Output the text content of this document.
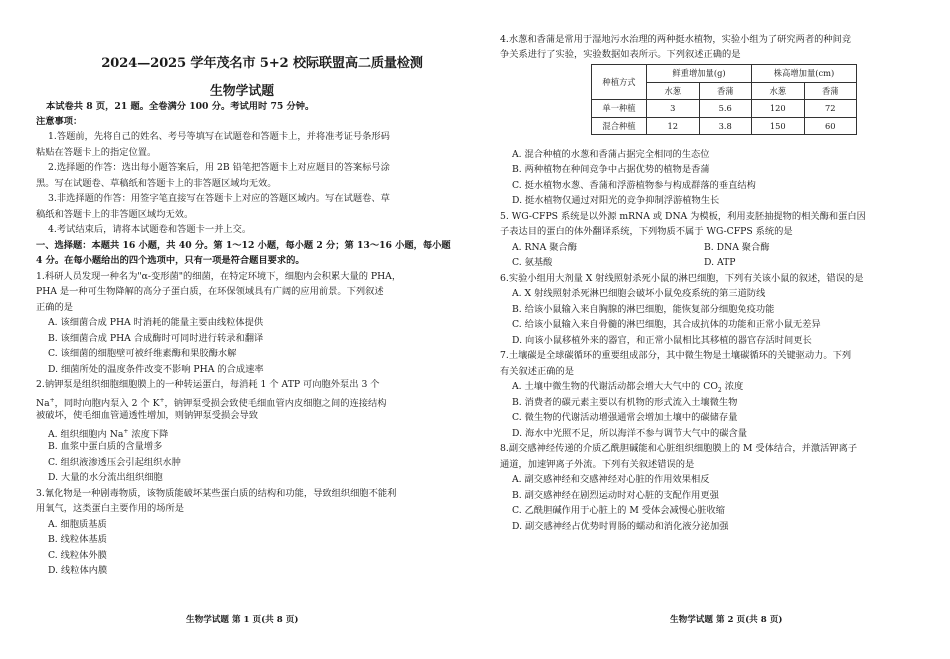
2024—2025 学年茂名市 5+2 校际联盟高二质量检测
生物学试题
本试卷共 8 页，21 题。全卷满分 100 分。考试用时 75 分钟。
注意事项：
1.答题前，先将自己的姓名、考号等填写在试题卷和答题卡上，并将准考证号条形码
粘贴在答题卡上的指定位置。
2.选择题的作答：选出每小题答案后，用 2B 铅笔把答题卡上对应题目的答案标号涂
黑。写在试题卷、草稿纸和答题卡上的非答题区域均无效。
3.非选择题的作答：用签字笔直接写在答题卡上对应的答题区域内。写在试题卷、草
稿纸和答题卡上的非答题区域均无效。
4.考试结束后，请将本试题卷和答题卡一并上交。
一、选择题：本题共 16 小题，共 40 分。第 1～12 小题，每小题 2 分；第 13～16 小题，每小题
4 分。在每小题给出的四个选项中，只有一项是符合题目要求的。
1.科研人员发现一种名为"α-变形菌"的细菌，在特定环境下，细胞内会积累大量的 PHA，
PHA 是一种可生物降解的高分子蛋白质，在环保领域具有广阔的应用前景。下列叙述
正确的是
A. 该细菌合成 PHA 时消耗的能量主要由线粒体提供
B. 该细菌合成 PHA 合成酶时可同时进行转录和翻译
C. 该细菌的细胞壁可被纤维素酶和果胶酶水解
D. 细菌所处的温度条件改变不影响 PHA 的合成速率
2.钠钾泵是组织细胞细胞膜上的一种转运蛋白，每消耗 1 个 ATP 可向胞外泵出 3 个
Na+，同时向胞内泵入 2 个 K+，钠钾泵受损会致使毛细血管内皮细胞之间的连接结构
被破坏，使毛细血管通透性增加，则钠钾泵受损会导致
A. 组织细胞内 Na+ 浓度下降
B. 血浆中蛋白质的含量增多
C. 组织液渗透压会引起组织水肿
D. 大量的水分流出组织细胞
3.氰化物是一种剧毒物质，该物质能破坏某些蛋白质的结构和功能，导致组织细胞不能利
用氧气，这类蛋白主要作用的场所是
A. 细胞质基质
B. 线粒体基质
C. 线粒体外膜
D. 线粒体内膜
生物学试题 第 1 页(共 8 页)
4.水葱和香蒲是常用于湿地污水治理的两种挺水植物，实验小组为了研究两者的种间竞
争关系进行了实验，实验数据如表所示。下列叙述正确的是
种植方式	鲜重增加量(g)		株高增加量(cm)	
	水葱	香蒲	水葱	香蒲
单一种植	3	5.6	120	72
混合种植	12	3.8	150	60
A. 混合种植的水葱和香蒲占据完全相同的生态位
B. 两种植物在种间竞争中占据优势的植物是香蒲
C. 挺水植物水葱、香蒲和浮游植物参与构成群落的垂直结构
D. 挺水植物仅通过对阳光的竞争抑制浮游植物生长
5. WG-CFPS 系统是以外源 mRNA 或 DNA 为模板，利用麦胚抽提物的相关酶和蛋白因
子表达目的蛋白的体外翻译系统，下列物质不属于 WG-CFPS 系统的是
A. RNA 聚合酶	B. DNA 聚合酶
C. 氨基酸	D. ATP
6.实验小组用大剂量 X 射线照射杀死小鼠的淋巴细胞，下列有关该小鼠的叙述，错误的是
A. X 射线照射杀死淋巴细胞会破坏小鼠免疫系统的第三道防线
B. 给该小鼠输入来自胸腺的淋巴细胞，能恢复部分细胞免疫功能
C. 给该小鼠输入来自骨髓的淋巴细胞，其合成抗体的功能和正常小鼠无差异
D. 向该小鼠移植外来的器官，和正常小鼠相比其移植的器官存活时间更长
7.土壤碳是全球碳循环的重要组成部分，其中微生物是土壤碳循环的关键驱动力。下列
有关叙述正确的是
A. 土壤中微生物的代谢活动都会增大大气中的 $CO_2$ 浓度
B. 消费者的碳元素主要以有机物的形式流入土壤微生物
C. 微生物的代谢活动增强通常会增加土壤中的碳储存量
D. 海水中光照不足，所以海洋不参与调节大气中的碳含量
8.副交感神经传递的介质乙酰胆碱能和心脏组织细胞膜上的 M 受体结合，并激活钾离子
通道，加速钾离子外流。下列有关叙述错误的是
A. 副交感神经和交感神经对心脏的作用效果相反
B. 副交感神经在剧烈运动时对心脏的支配作用更强
C. 乙酰胆碱作用于心脏上的 M 受体会减慢心脏收缩
D. 副交感神经占优势时胃肠的蠕动和消化液分泌加强
生物学试题 第 2 页(共 8 页)
